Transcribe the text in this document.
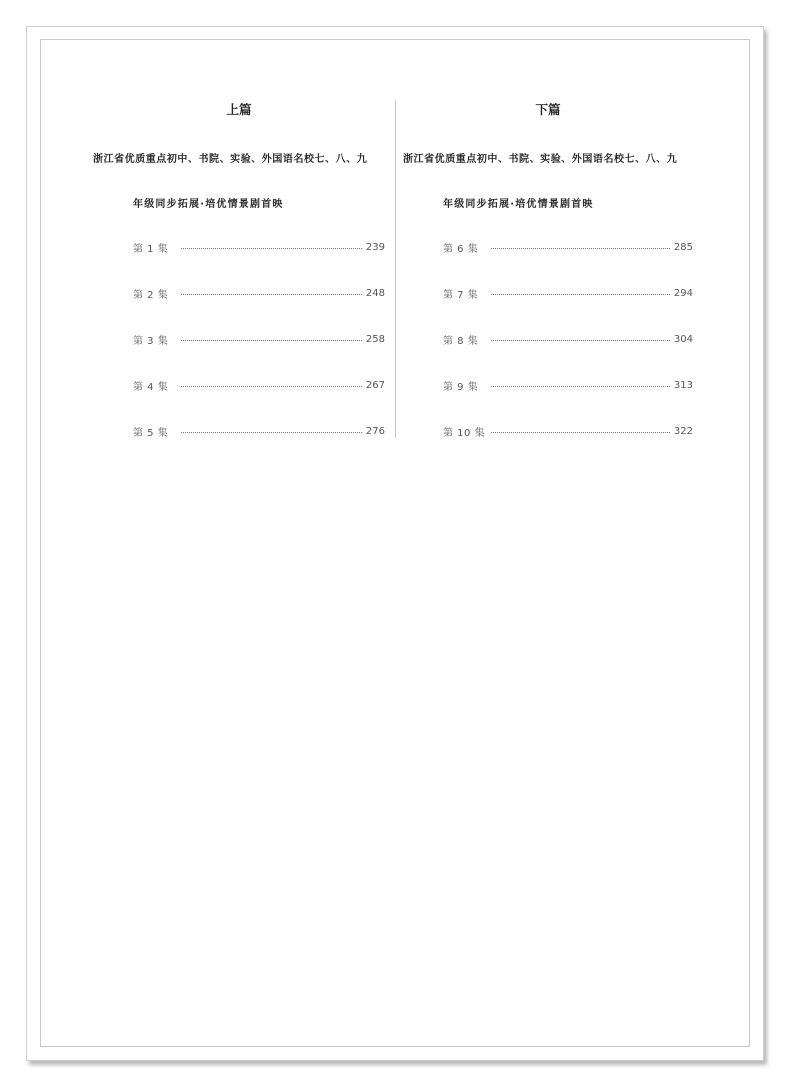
上篇
浙江省优质重点初中、书院、实验、外国语名校七、八、九
年级同步拓展·培优情景剧首映
第 1 集	239
第 2 集	248
第 3 集	258
第 4 集	267
第 5 集	276
下篇
浙江省优质重点初中、书院、实验、外国语名校七、八、九
年级同步拓展·培优情景剧首映
第 6 集	285
第 7 集	294
第 8 集	304
第 9 集	313
第 10 集	322
